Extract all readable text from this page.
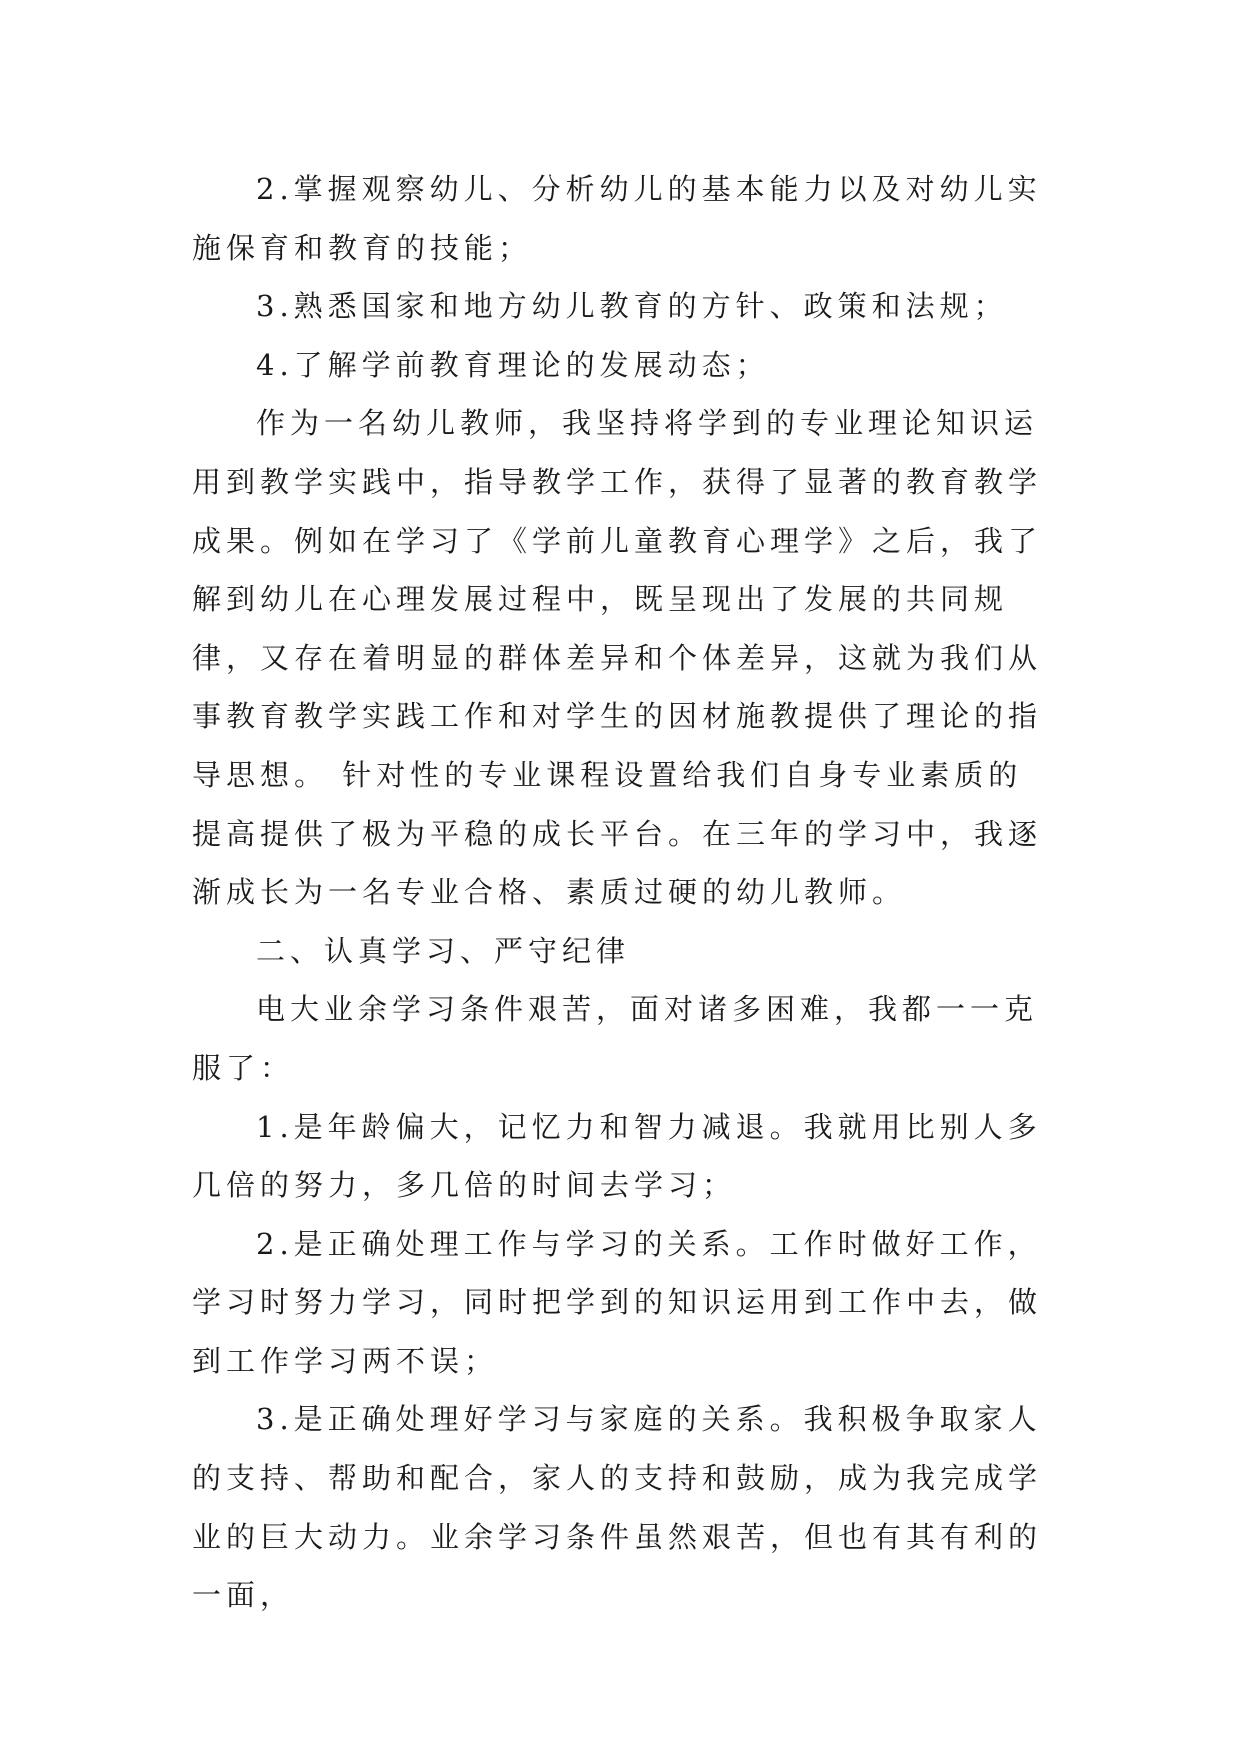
2.掌握观察幼儿、分析幼儿的基本能力以及对幼儿实施保育和教育的技能；

3.熟悉国家和地方幼儿教育的方针、政策和法规；

4.了解学前教育理论的发展动态；

作为一名幼儿教师，我坚持将学到的专业理论知识运用到教学实践中，指导教学工作，获得了显著的教育教学成果。例如在学习了《学前儿童教育心理学》之后，我了解到幼儿在心理发展过程中，既呈现出了发展的共同规律，又存在着明显的群体差异和个体差异，这就为我们从事教育教学实践工作和对学生的因材施教提供了理论的指导思想。 针对性的专业课程设置给我们自身专业素质的提高提供了极为平稳的成长平台。在三年的学习中，我逐渐成长为一名专业合格、素质过硬的幼儿教师。

二、认真学习、严守纪律

电大业余学习条件艰苦，面对诸多困难，我都一一克服了：

1.是年龄偏大，记忆力和智力减退。我就用比别人多几倍的努力，多几倍的时间去学习；

2.是正确处理工作与学习的关系。工作时做好工作，学习时努力学习，同时把学到的知识运用到工作中去，做到工作学习两不误；

3.是正确处理好学习与家庭的关系。我积极争取家人的支持、帮助和配合，家人的支持和鼓励，成为我完成学业的巨大动力。业余学习条件虽然艰苦，但也有其有利的一面，
